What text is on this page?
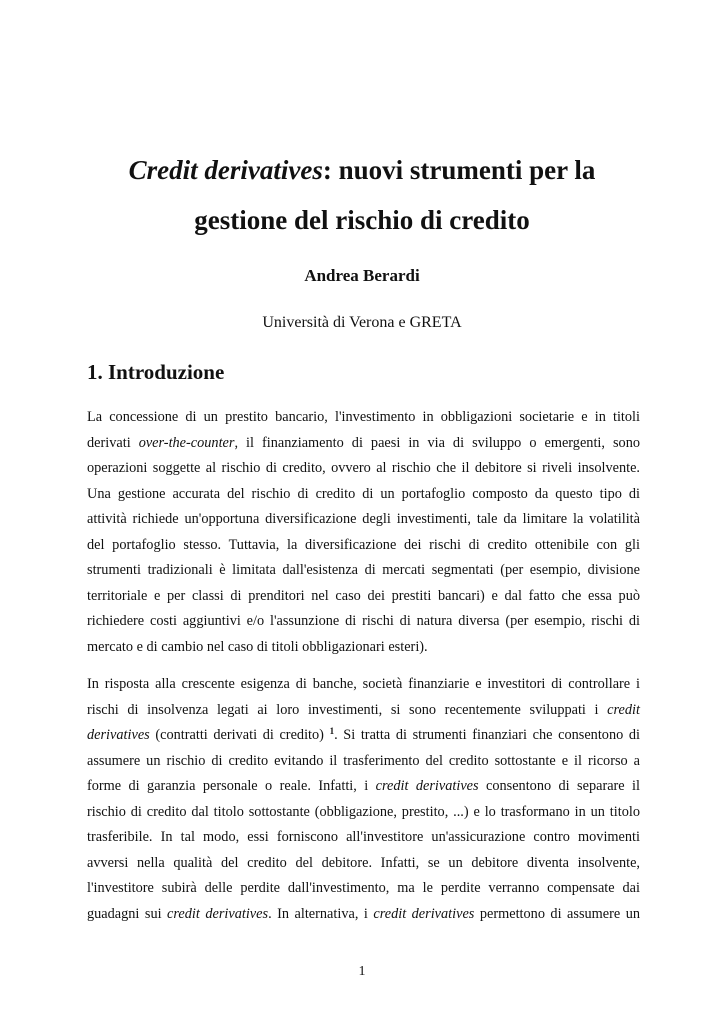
Credit derivatives: nuovi strumenti per la
gestione del rischio di credito

Andrea Berardi

Università di Verona e GRETA

1. Introduzione
La concessione di un prestito bancario, l'investimento in obbligazioni societarie e in titoli
derivati over-the-counter, il finanziamento di paesi in via di sviluppo o emergenti, sono
operazioni soggette al rischio di credito, ovvero al rischio che il debitore si riveli insolvente.
Una gestione accurata del rischio di credito di un portafoglio composto da questo tipo di
attività richiede un'opportuna diversificazione degli investimenti, tale da limitare la volatilità
del portafoglio stesso. Tuttavia, la diversificazione dei rischi di credito ottenibile con gli
strumenti tradizionali è limitata dall'esistenza di mercati segmentati (per esempio, divisione
territoriale e per classi di prenditori nel caso dei prestiti bancari) e dal fatto che essa può
richiedere costi aggiuntivi e/o l'assunzione di rischi di natura diversa (per esempio, rischi di
mercato e di cambio nel caso di titoli obbligazionari esteri).
In risposta alla crescente esigenza di banche, società finanziarie e investitori di controllare i
rischi di insolvenza legati ai loro investimenti, si sono recentemente sviluppati i credit
derivatives (contratti derivati di credito) $^1$. Si tratta di strumenti finanziari che consentono di
assumere un rischio di credito evitando il trasferimento del credito sottostante e il ricorso a
forme di garanzia personale o reale. Infatti, i credit derivatives consentono di separare il
rischio di credito dal titolo sottostante (obbligazione, prestito, ...) e lo trasformano in un titolo
trasferibile. In tal modo, essi forniscono all'investitore un'assicurazione contro movimenti
avversi nella qualità del credito del debitore. Infatti, se un debitore diventa insolvente,
l'investitore subirà delle perdite dall'investimento, ma le perdite verranno compensate dai
guadagni sui credit derivatives. In alternativa, i credit derivatives permettono di assumere un

1
